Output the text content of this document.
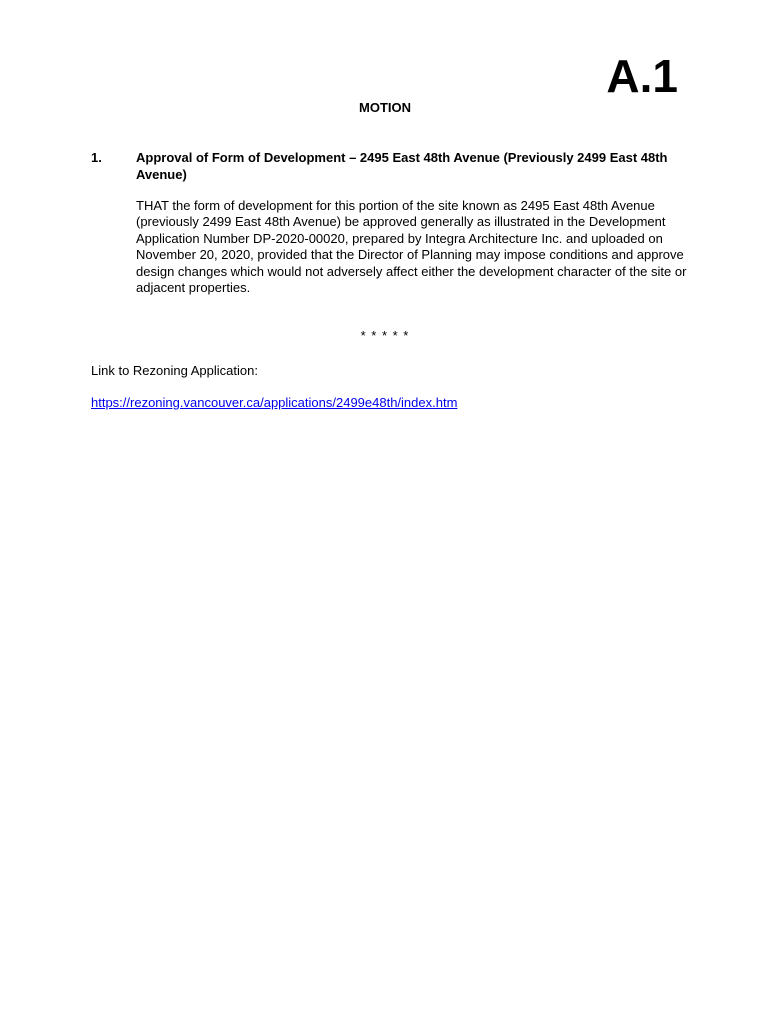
A.1
MOTION
1.	Approval of Form of Development – 2495 East 48th Avenue (Previously 2499 East 48th Avenue)
THAT the form of development for this portion of the site known as 2495 East 48th Avenue (previously 2499 East 48th Avenue) be approved generally as illustrated in the Development Application Number DP-2020-00020, prepared by Integra Architecture Inc. and uploaded on November 20, 2020, provided that the Director of Planning may impose conditions and approve design changes which would not adversely affect either the development character of the site or adjacent properties.
* * * * *
Link to Rezoning Application:
https://rezoning.vancouver.ca/applications/2499e48th/index.htm
